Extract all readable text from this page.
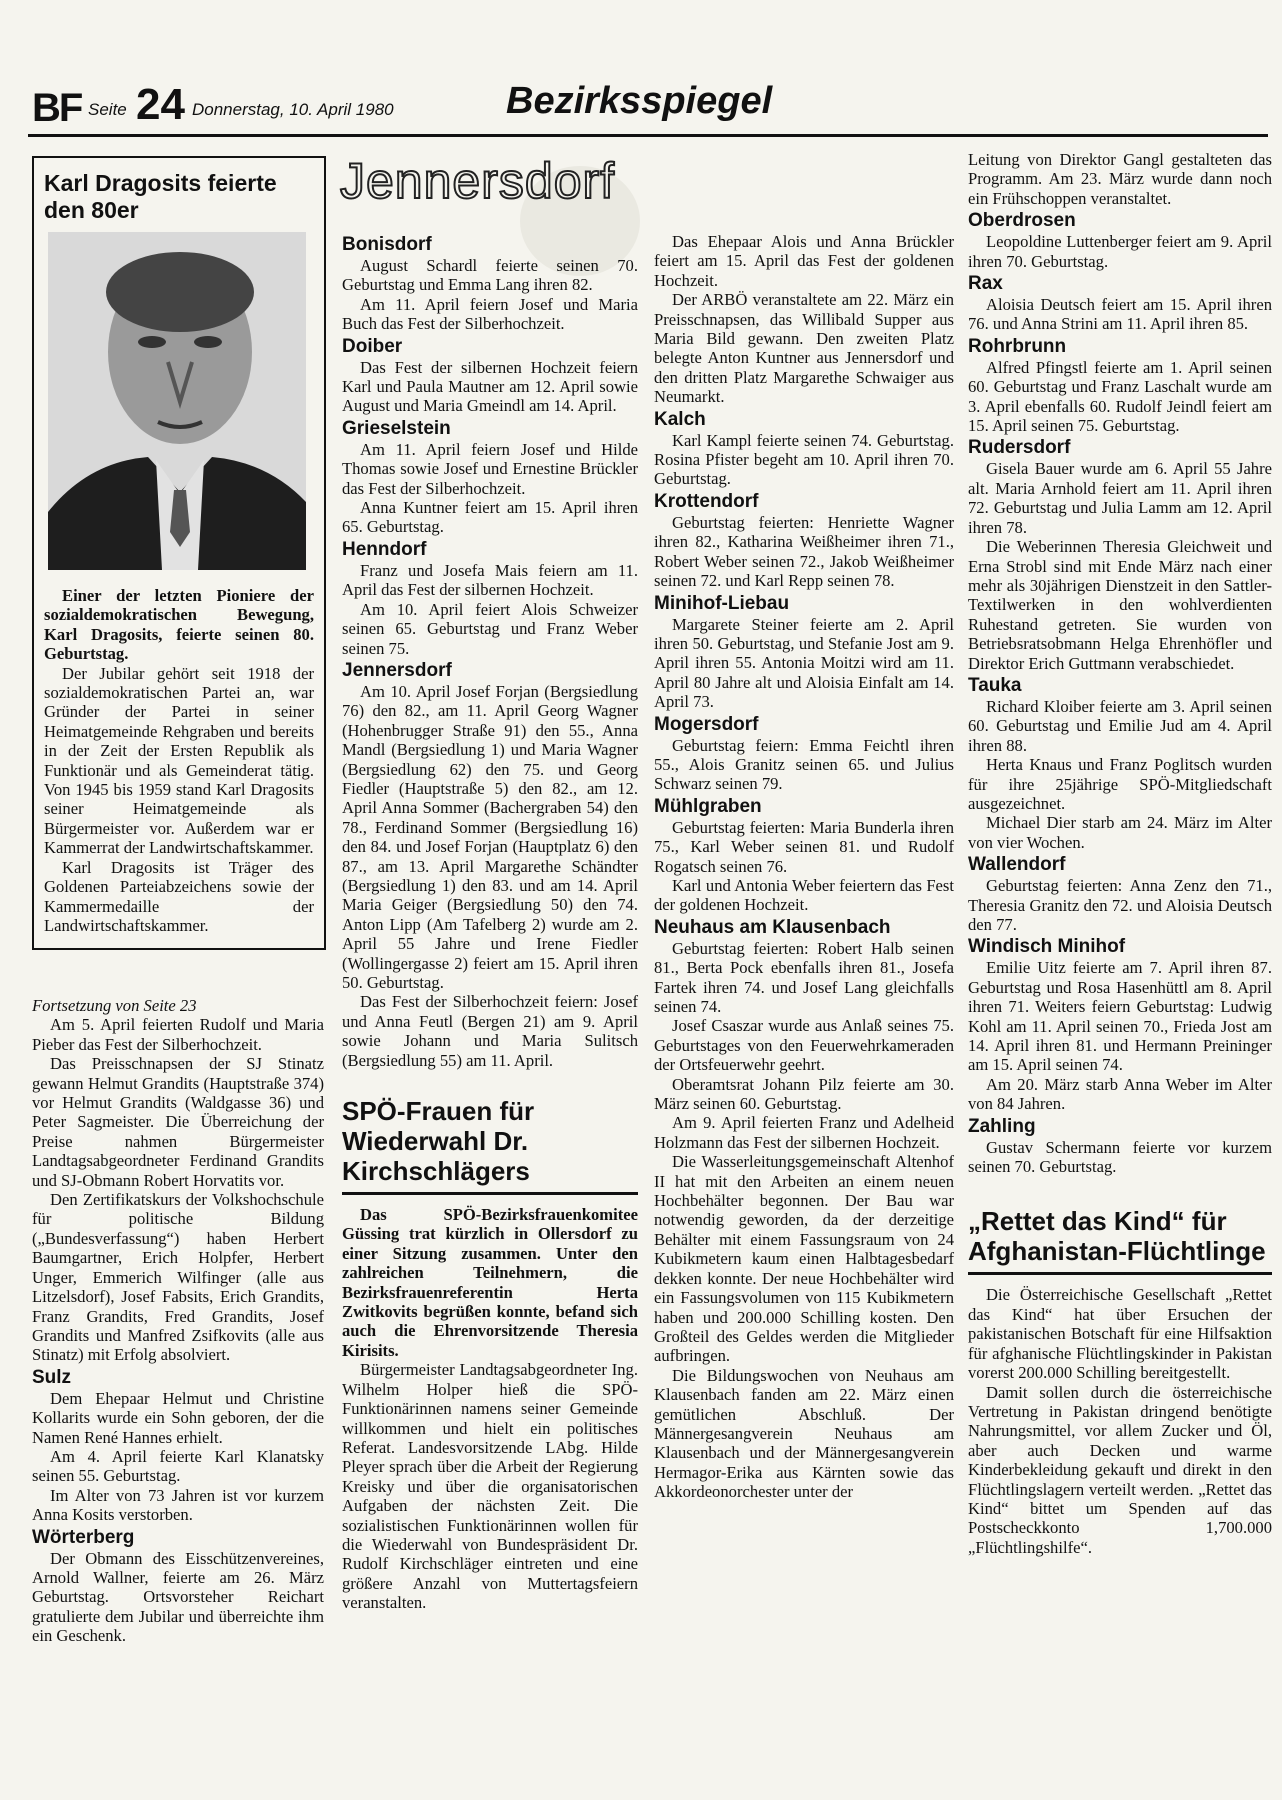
BF Seite 24 Donnerstag, 10. April 1980	Bezirksspiegel
Karl Dragosits feierte den 80er

Einer der letzten Pioniere der sozialdemokratischen Bewegung, Karl Dragosits, feierte seinen 80. Geburtstag.

Der Jubilar gehört seit 1918 der sozialdemokratischen Partei an, war Gründer der Partei in seiner Heimatgemeinde Rehgraben und bereits in der Zeit der Ersten Republik als Funktionär und als Gemeinderat tätig. Von 1945 bis 1959 stand Karl Dragosits seiner Heimatgemeinde als Bürgermeister vor. Außerdem war er Kammerrat der Landwirtschaftskammer.

Karl Dragosits ist Träger des Goldenen Parteiabzeichens sowie der Kammermedaille der Landwirtschaftskammer.

Fortsetzung von Seite 23

Am 5. April feierten Rudolf und Maria Pieber das Fest der Silberhochzeit.

Das Preisschnapsen der SJ Stinatz gewann Helmut Grandits (Hauptstraße 374) vor Helmut Grandits (Waldgasse 36) und Peter Sagmeister. Die Überreichung der Preise nahmen Bürgermeister Landtagsabgeordneter Ferdinand Grandits und SJ-Obmann Robert Horvatits vor.

Den Zertifikatskurs der Volkshochschule für politische Bildung („Bundesverfassung“) haben Herbert Baumgartner, Erich Holpfer, Herbert Unger, Emmerich Wilfinger (alle aus Litzelsdorf), Josef Fabsits, Erich Grandits, Franz Grandits, Fred Grandits, Josef Grandits und Manfred Zsifkovits (alle aus Stinatz) mit Erfolg absolviert.

Sulz

Dem Ehepaar Helmut und Christine Kollarits wurde ein Sohn geboren, der die Namen René Hannes erhielt.

Am 4. April feierte Karl Klanatsky seinen 55. Geburtstag.

Im Alter von 73 Jahren ist vor kurzem Anna Kosits verstorben.

Wörterberg

Der Obmann des Eisschützenvereines, Arnold Wallner, feierte am 26. März Geburtstag. Ortsvorsteher Reichart gratulierte dem Jubilar und überreichte ihm ein Geschenk.

Jennersdorf
Bonisdorf

August Schardl feierte seinen 70. Geburtstag und Emma Lang ihren 82.

Am 11. April feiern Josef und Maria Buch das Fest der Silberhochzeit.

Doiber

Das Fest der silbernen Hochzeit feiern Karl und Paula Mautner am 12. April sowie August und Maria Gmeindl am 14. April.

Grieselstein

Am 11. April feiern Josef und Hilde Thomas sowie Josef und Ernestine Brückler das Fest der Silberhochzeit.

Anna Kuntner feiert am 15. April ihren 65. Geburtstag.

Henndorf

Franz und Josefa Mais feiern am 11. April das Fest der silbernen Hochzeit.

Am 10. April feiert Alois Schweizer seinen 65. Geburtstag und Franz Weber seinen 75.

Jennersdorf

Am 10. April Josef Forjan (Bergsiedlung 76) den 82., am 11. April Georg Wagner (Hohenbrugger Straße 91) den 55., Anna Mandl (Bergsiedlung 1) und Maria Wagner (Bergsiedlung 62) den 75. und Georg Fiedler (Hauptstraße 5) den 82., am 12. April Anna Sommer (Bachergraben 54) den 78., Ferdinand Sommer (Bergsiedlung 16) den 84. und Josef Forjan (Hauptplatz 6) den 87., am 13. April Margarethe Schändter (Bergsiedlung 1) den 83. und am 14. April Maria Geiger (Bergsiedlung 50) den 74. Anton Lipp (Am Tafelberg 2) wurde am 2. April 55 Jahre und Irene Fiedler (Wollingergasse 2) feiert am 15. April ihren 50. Geburtstag.

Das Fest der Silberhochzeit feiern: Josef und Anna Feutl (Bergen 21) am 9. April sowie Johann und Maria Sulitsch (Bergsiedlung 55) am 11. April.

SPÖ-Frauen für Wiederwahl Dr. Kirchschlägers

Das SPÖ-Bezirksfrauenkomitee Güssing trat kürzlich in Ollersdorf zu einer Sitzung zusammen. Unter den zahlreichen Teilnehmern, die Bezirksfrauenreferentin Herta Zwitkovits begrüßen konnte, befand sich auch die Ehrenvorsitzende Theresia Kirisits.

Bürgermeister Landtagsabgeordneter Ing. Wilhelm Holper hieß die SPÖ-Funktionärinnen namens seiner Gemeinde willkommen und hielt ein politisches Referat. Landesvorsitzende LAbg. Hilde Pleyer sprach über die Arbeit der Regierung Kreisky und über die organisatorischen Aufgaben der nächsten Zeit. Die sozialistischen Funktionärinnen wollen für die Wiederwahl von Bundespräsident Dr. Rudolf Kirchschläger eintreten und eine größere Anzahl von Muttertagsfeiern veranstalten.

Das Ehepaar Alois und Anna Brückler feiert am 15. April das Fest der goldenen Hochzeit.

Der ARBÖ veranstaltete am 22. März ein Preisschnapsen, das Willibald Supper aus Maria Bild gewann. Den zweiten Platz belegte Anton Kuntner aus Jennersdorf und den dritten Platz Margarethe Schwaiger aus Neumarkt.

Kalch

Karl Kampl feierte seinen 74. Geburtstag. Rosina Pfister begeht am 10. April ihren 70. Geburtstag.

Krottendorf

Geburtstag feierten: Henriette Wagner ihren 82., Katharina Weißheimer ihren 71., Robert Weber seinen 72., Jakob Weißheimer seinen 72. und Karl Repp seinen 78.

Minihof-Liebau

Margarete Steiner feierte am 2. April ihren 50. Geburtstag, und Stefanie Jost am 9. April ihren 55. Antonia Moitzi wird am 11. April 80 Jahre alt und Aloisia Einfalt am 14. April 73.

Mogersdorf

Geburtstag feiern: Emma Feichtl ihren 55., Alois Granitz seinen 65. und Julius Schwarz seinen 79.

Mühlgraben

Geburtstag feierten: Maria Bunderla ihren 75., Karl Weber seinen 81. und Rudolf Rogatsch seinen 76.

Karl und Antonia Weber feiertern das Fest der goldenen Hochzeit.

Neuhaus am Klausenbach

Geburtstag feierten: Robert Halb seinen 81., Berta Pock ebenfalls ihren 81., Josefa Fartek ihren 74. und Josef Lang gleichfalls seinen 74.

Josef Csaszar wurde aus Anlaß seines 75. Geburtstages von den Feuerwehrkameraden der Ortsfeuerwehr geehrt.

Oberamtsrat Johann Pilz feierte am 30. März seinen 60. Geburtstag.

Am 9. April feierten Franz und Adelheid Holzmann das Fest der silbernen Hochzeit.

Die Wasserleitungsgemeinschaft Altenhof II hat mit den Arbeiten an einem neuen Hochbehälter begonnen. Der Bau war notwendig geworden, da der derzeitige Behälter mit einem Fassungsraum von 24 Kubikmetern kaum einen Halbtagesbedarf dekken konnte. Der neue Hochbehälter wird ein Fassungsvolumen von 115 Kubikmetern haben und 200.000 Schilling kosten. Den Großteil des Geldes werden die Mitglieder aufbringen.

Die Bildungswochen von Neuhaus am Klausenbach fanden am 22. März einen gemütlichen Abschluß. Der Männergesangverein Neuhaus am Klausenbach und der Männergesangverein Hermagor-Erika aus Kärnten sowie das Akkordeonorchester unter der

Leitung von Direktor Gangl gestalteten das Programm. Am 23. März wurde dann noch ein Frühschoppen veranstaltet.

Oberdrosen

Leopoldine Luttenberger feiert am 9. April ihren 70. Geburtstag.

Rax

Aloisia Deutsch feiert am 15. April ihren 76. und Anna Strini am 11. April ihren 85.

Rohrbrunn

Alfred Pfingstl feierte am 1. April seinen 60. Geburtstag und Franz Laschalt wurde am 3. April ebenfalls 60. Rudolf Jeindl feiert am 15. April seinen 75. Geburtstag.

Rudersdorf

Gisela Bauer wurde am 6. April 55 Jahre alt. Maria Arnhold feiert am 11. April ihren 72. Geburtstag und Julia Lamm am 12. April ihren 78.

Die Weberinnen Theresia Gleichweit und Erna Strobl sind mit Ende März nach einer mehr als 30jährigen Dienstzeit in den Sattler-Textilwerken in den wohlverdienten Ruhestand getreten. Sie wurden von Betriebsratsobmann Helga Ehrenhöfler und Direktor Erich Guttmann verabschiedet.

Tauka

Richard Kloiber feierte am 3. April seinen 60. Geburtstag und Emilie Jud am 4. April ihren 88.

Herta Knaus und Franz Poglitsch wurden für ihre 25jährige SPÖ-Mitgliedschaft ausgezeichnet.

Michael Dier starb am 24. März im Alter von vier Wochen.

Wallendorf

Geburtstag feierten: Anna Zenz den 71., Theresia Granitz den 72. und Aloisia Deutsch den 77.

Windisch Minihof

Emilie Uitz feierte am 7. April ihren 87. Geburtstag und Rosa Hasenhüttl am 8. April ihren 71. Weiters feiern Geburtstag: Ludwig Kohl am 11. April seinen 70., Frieda Jost am 14. April ihren 81. und Hermann Preininger am 15. April seinen 74.

Am 20. März starb Anna Weber im Alter von 84 Jahren.

Zahling

Gustav Schermann feierte vor kurzem seinen 70. Geburtstag.

„Rettet das Kind“ für Afghanistan-Flüchtlinge

Die Österreichische Gesellschaft „Rettet das Kind“ hat über Ersuchen der pakistanischen Botschaft für eine Hilfsaktion für afghanische Flüchtlingskinder in Pakistan vorerst 200.000 Schilling bereitgestellt.

Damit sollen durch die österreichische Vertretung in Pakistan dringend benötigte Nahrungsmittel, vor allem Zucker und Öl, aber auch Decken und warme Kinderbekleidung gekauft und direkt in den Flüchtlingslagern verteilt werden. „Rettet das Kind“ bittet um Spenden auf das Postscheckkonto 1,700.000 „Flüchtlingshilfe“.
